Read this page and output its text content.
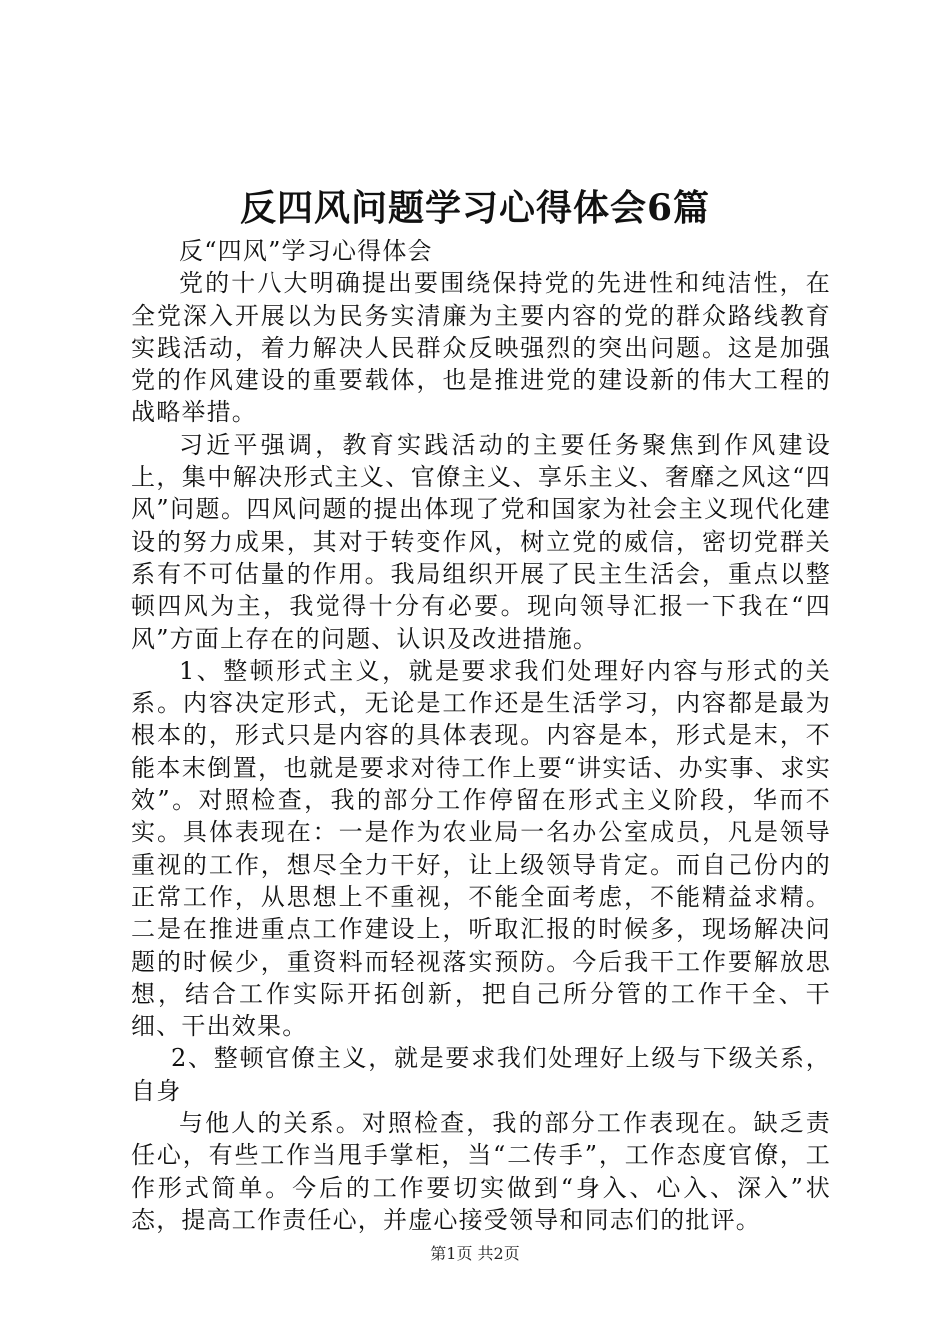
反四风问题学习心得体会6篇

反“四风”学习心得体会

党的十八大明确提出要围绕保持党的先进性和纯洁性，在全党深入开展以为民务实清廉为主要内容的党的群众路线教育实践活动，着力解决人民群众反映强烈的突出问题。这是加强党的作风建设的重要载体，也是推进党的建设新的伟大工程的战略举措。

习近平强调，教育实践活动的主要任务聚焦到作风建设上，集中解决形式主义、官僚主义、享乐主义、奢靡之风这“四风”问题。四风问题的提出体现了党和国家为社会主义现代化建设的努力成果，其对于转变作风，树立党的威信，密切党群关系有不可估量的作用。我局组织开展了民主生活会，重点以整顿四风为主，我觉得十分有必要。现向领导汇报一下我在“四风”方面上存在的问题、认识及改进措施。

1、整顿形式主义，就是要求我们处理好内容与形式的关系。内容决定形式，无论是工作还是生活学习，内容都是最为根本的，形式只是内容的具体表现。内容是本，形式是末，不能本末倒置，也就是要求对待工作上要“讲实话、办实事、求实效”。对照检查，我的部分工作停留在形式主义阶段，华而不实。具体表现在：一是作为农业局一名办公室成员，凡是领导重视的工作，想尽全力干好，让上级领导肯定。而自己份内的正常工作，从思想上不重视，不能全面考虑，不能精益求精。二是在推进重点工作建设上，听取汇报的时候多，现场解决问题的时候少，重资料而轻视落实预防。今后我干工作要解放思想，结合工作实际开拓创新，把自己所分管的工作干全、干细、干出效果。

2、整顿官僚主义，就是要求我们处理好上级与下级关系，自身

与他人的关系。对照检查，我的部分工作表现在。缺乏责任心，有些工作当甩手掌柜，当“二传手”，工作态度官僚，工作形式简单。今后的工作要切实做到“身入、心入、深入”状态，提高工作责任心，并虚心接受领导和同志们的批评。

第1页 共2页
